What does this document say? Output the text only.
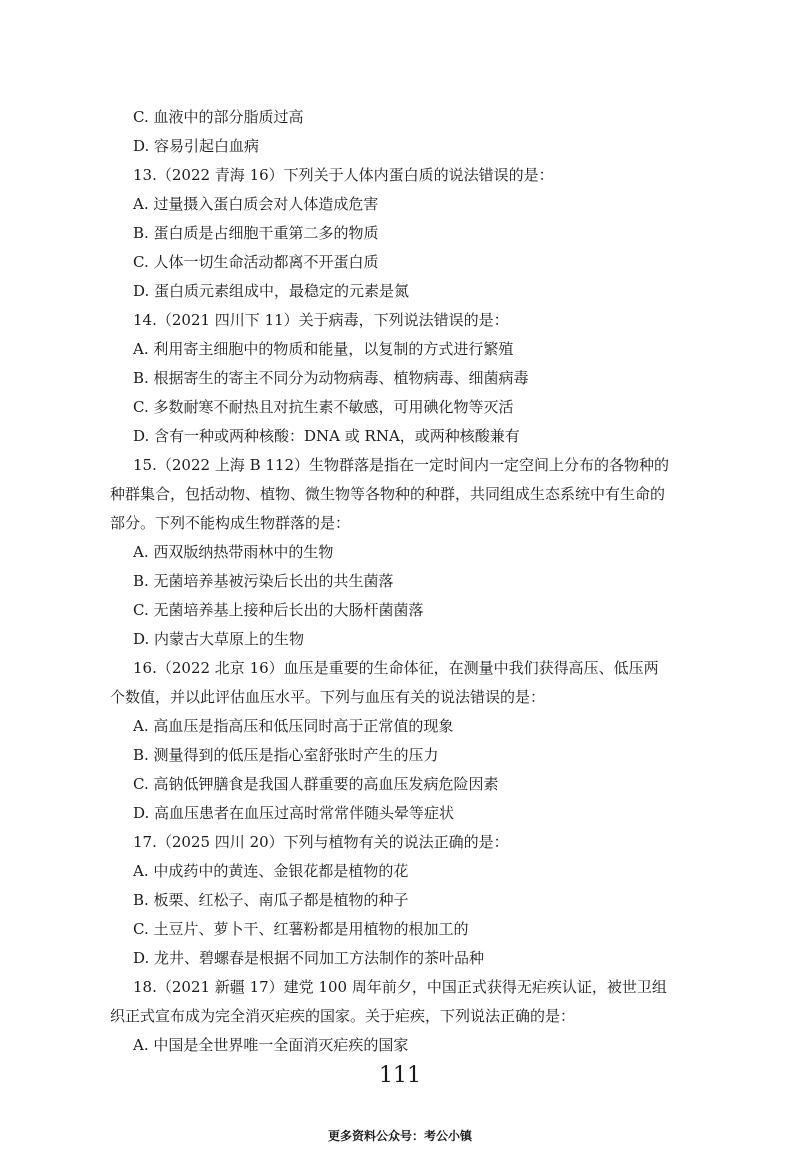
C. 血液中的部分脂质过高
D. 容易引起白血病
13.（2022 青海 16）下列关于人体内蛋白质的说法错误的是：
A. 过量摄入蛋白质会对人体造成危害
B. 蛋白质是占细胞干重第二多的物质
C. 人体一切生命活动都离不开蛋白质
D. 蛋白质元素组成中，最稳定的元素是氮
14.（2021 四川下 11）关于病毒，下列说法错误的是：
A. 利用寄主细胞中的物质和能量，以复制的方式进行繁殖
B. 根据寄生的寄主不同分为动物病毒、植物病毒、细菌病毒
C. 多数耐寒不耐热且对抗生素不敏感，可用碘化物等灭活
D. 含有一种或两种核酸：DNA 或 RNA，或两种核酸兼有
15.（2022 上海 B 112）生物群落是指在一定时间内一定空间上分布的各物种的
种群集合，包括动物、植物、微生物等各物种的种群，共同组成生态系统中有生命的
部分。下列不能构成生物群落的是：
A. 西双版纳热带雨林中的生物
B. 无菌培养基被污染后长出的共生菌落
C. 无菌培养基上接种后长出的大肠杆菌菌落
D. 内蒙古大草原上的生物
16.（2022 北京 16）血压是重要的生命体征，在测量中我们获得高压、低压两
个数值，并以此评估血压水平。下列与血压有关的说法错误的是：
A. 高血压是指高压和低压同时高于正常值的现象
B. 测量得到的低压是指心室舒张时产生的压力
C. 高钠低钾膳食是我国人群重要的高血压发病危险因素
D. 高血压患者在血压过高时常常伴随头晕等症状
17.（2025 四川 20）下列与植物有关的说法正确的是：
A. 中成药中的黄连、金银花都是植物的花
B. 板栗、红松子、南瓜子都是植物的种子
C. 土豆片、萝卜干、红薯粉都是用植物的根加工的
D. 龙井、碧螺春是根据不同加工方法制作的茶叶品种
18.（2021 新疆 17）建党 100 周年前夕，中国正式获得无疟疾认证，被世卫组
织正式宣布成为完全消灭疟疾的国家。关于疟疾，下列说法正确的是：
A. 中国是全世界唯一全面消灭疟疾的国家
111
更多资料公众号：考公小镇
